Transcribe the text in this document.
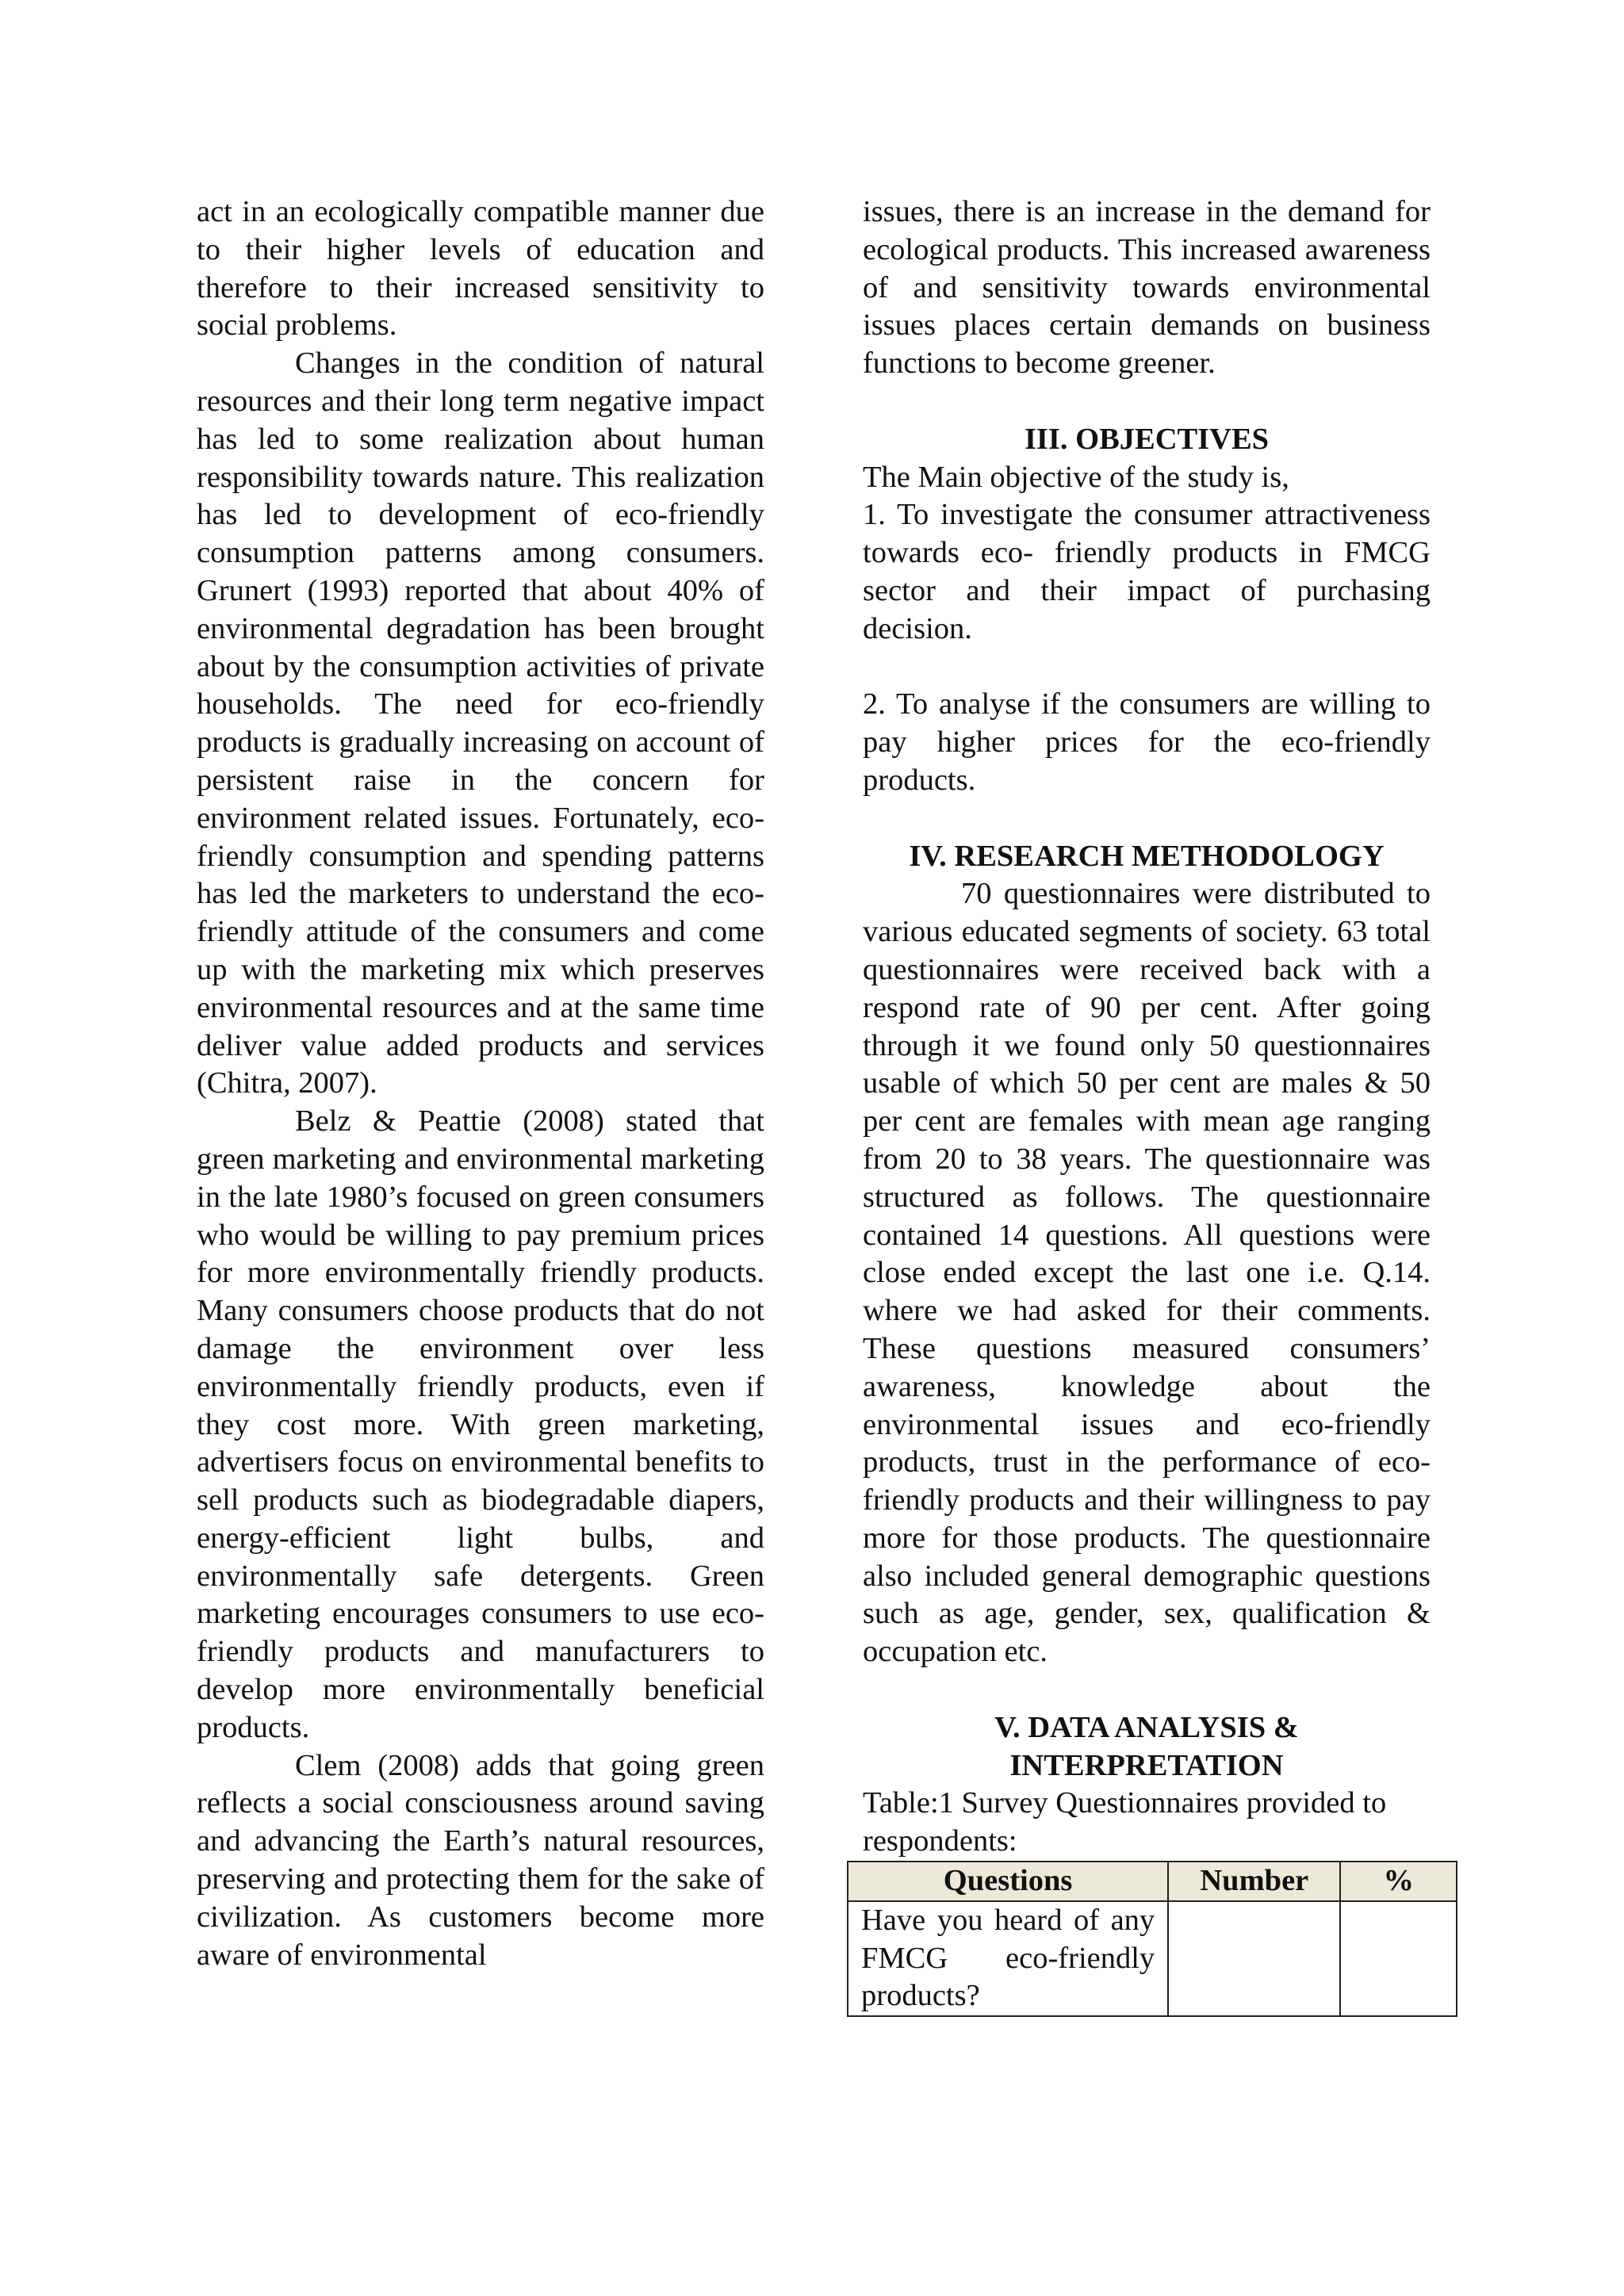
act in an ecologically compatible manner due to their higher levels of education and therefore to their increased sensitivity to social problems.

Changes in the condition of natural resources and their long term negative impact has led to some realization about human responsibility towards nature. This realization has led to development of eco-friendly consumption patterns among consumers. Grunert (1993) reported that about 40% of environmental degradation has been brought about by the consumption activities of private households. The need for eco-friendly products is gradually increasing on account of persistent raise in the concern for environment related issues. Fortunately, eco-friendly consumption and spending patterns has led the marketers to understand the eco-friendly attitude of the consumers and come up with the marketing mix which preserves environmental resources and at the same time deliver value added products and services (Chitra, 2007).

Belz & Peattie (2008) stated that green marketing and environmental marketing in the late 1980’s focused on green consumers who would be willing to pay premium prices for more environmentally friendly products. Many consumers choose products that do not damage the environment over less environmentally friendly products, even if they cost more. With green marketing, advertisers focus on environmental benefits to sell products such as biodegradable diapers, energy-efficient light bulbs, and environmentally safe detergents. Green marketing encourages consumers to use eco-friendly products and manufacturers to develop more environmentally beneficial products.

Clem (2008) adds that going green reflects a social consciousness around saving and advancing the Earth’s natural resources, preserving and protecting them for the sake of civilization. As customers become more aware of environmental

issues, there is an increase in the demand for ecological products. This increased awareness of and sensitivity towards environmental issues places certain demands on business functions to become greener.

III. OBJECTIVES

The Main objective of the study is,

1. To investigate the consumer attractiveness towards eco- friendly products in FMCG sector and their impact of purchasing decision.

2. To analyse if the consumers are willing to pay higher prices for the eco-friendly products.

IV. RESEARCH METHODOLOGY

70 questionnaires were distributed to various educated segments of society. 63 total questionnaires were received back with a respond rate of 90 per cent. After going through it we found only 50 questionnaires usable of which 50 per cent are males & 50 per cent are females with mean age ranging from 20 to 38 years. The questionnaire was structured as follows. The questionnaire contained 14 questions. All questions were close ended except the last one i.e. Q.14. where we had asked for their comments. These questions measured consumers’ awareness, knowledge about the environmental issues and eco-friendly products, trust in the performance of eco-friendly products and their willingness to pay more for those products. The questionnaire also included general demographic questions such as age, gender, sex, qualification & occupation etc.

V. DATA ANALYSIS &

INTERPRETATION

Table:1 Survey Questionnaires provided to respondents:

Questions	Number	%
Have you heard of any FMCG eco-friendly products?		
